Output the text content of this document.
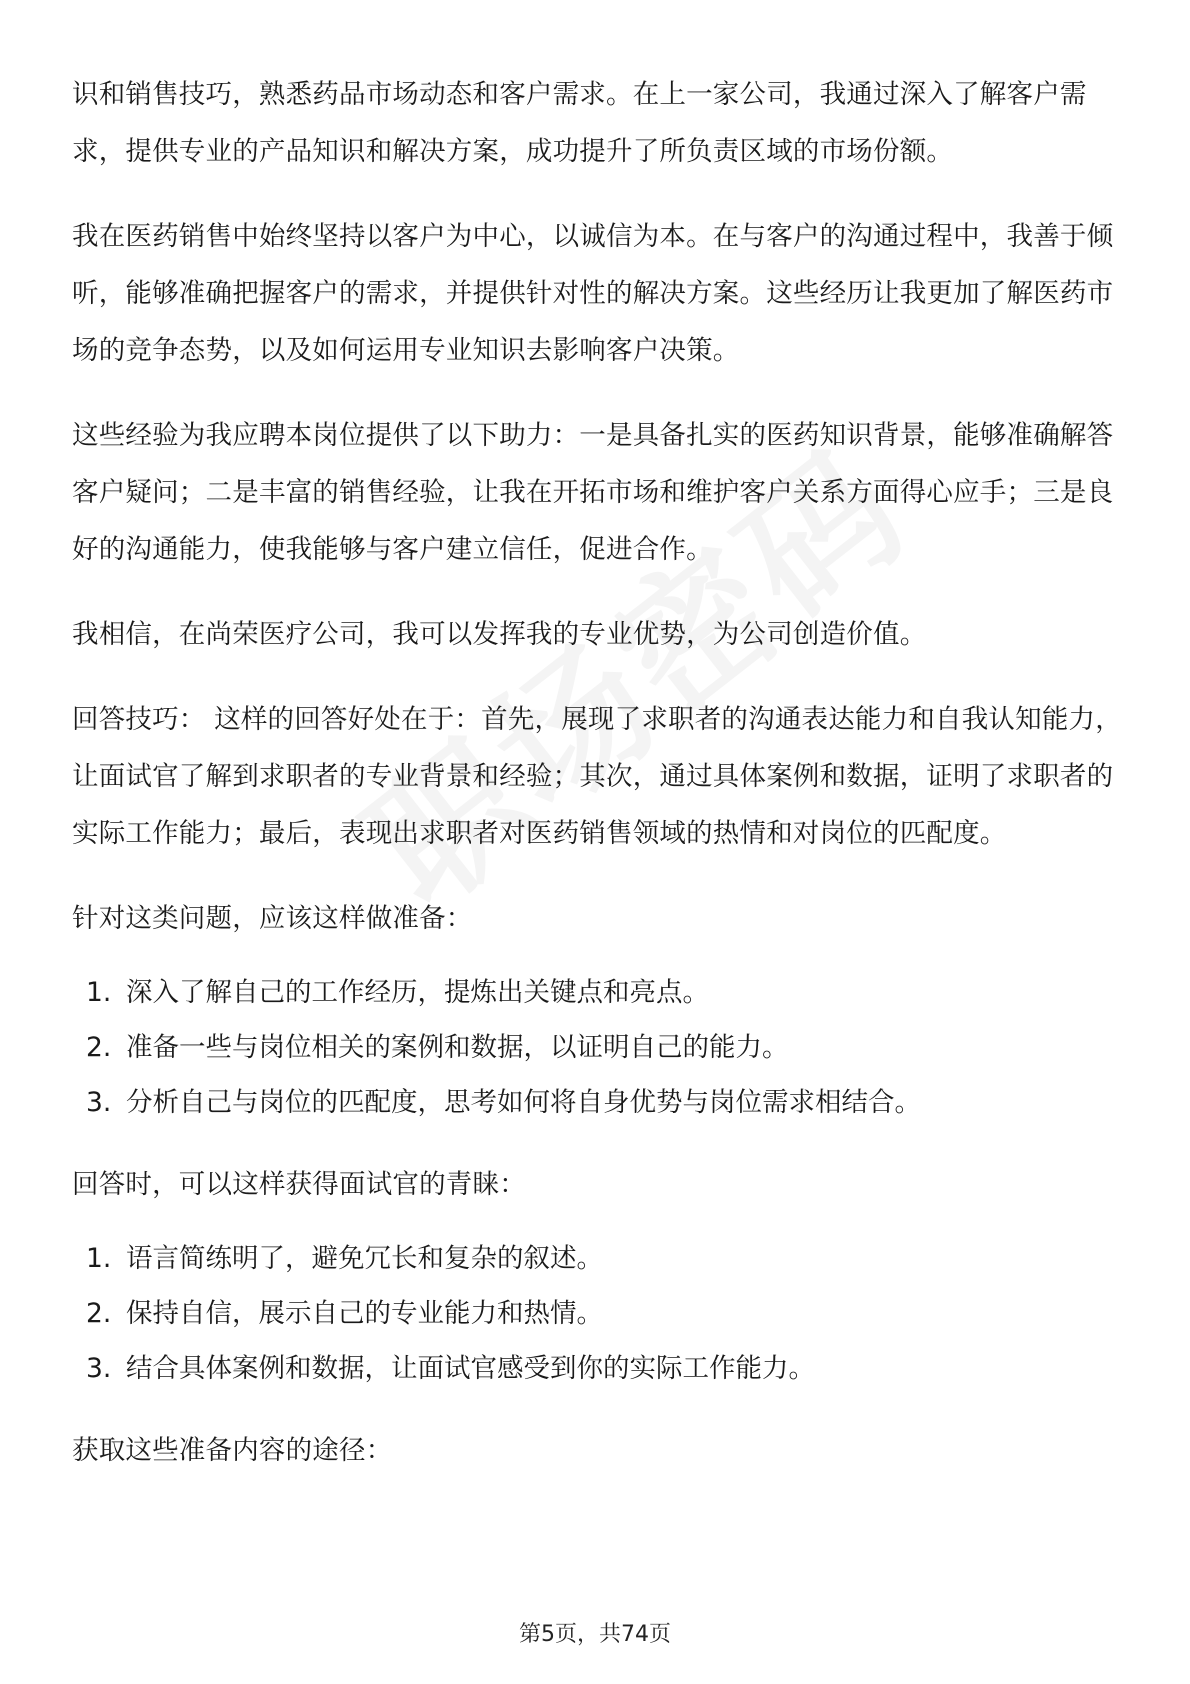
识和销售技巧，熟悉药品市场动态和客户需求。在上一家公司，我通过深入了解客户需求，提供专业的产品知识和解决方案，成功提升了所负责区域的市场份额。

我在医药销售中始终坚持以客户为中心，以诚信为本。在与客户的沟通过程中，我善于倾听，能够准确把握客户的需求，并提供针对性的解决方案。这些经历让我更加了解医药市场的竞争态势，以及如何运用专业知识去影响客户决策。

这些经验为我应聘本岗位提供了以下助力：一是具备扎实的医药知识背景，能够准确解答客户疑问；二是丰富的销售经验，让我在开拓市场和维护客户关系方面得心应手；三是良好的沟通能力，使我能够与客户建立信任，促进合作。

我相信，在尚荣医疗公司，我可以发挥我的专业优势，为公司创造价值。

回答技巧： 这样的回答好处在于：首先，展现了求职者的沟通表达能力和自我认知能力，让面试官了解到求职者的专业背景和经验；其次，通过具体案例和数据，证明了求职者的实际工作能力；最后，表现出求职者对医药销售领域的热情和对岗位的匹配度。

针对这类问题，应该这样做准备：

1. 深入了解自己的工作经历，提炼出关键点和亮点。
2. 准备一些与岗位相关的案例和数据，以证明自己的能力。
3. 分析自己与岗位的匹配度，思考如何将自身优势与岗位需求相结合。

回答时，可以这样获得面试官的青睐：

1. 语言简练明了，避免冗长和复杂的叙述。
2. 保持自信，展示自己的专业能力和热情。
3. 结合具体案例和数据，让面试官感受到你的实际工作能力。

获取这些准备内容的途径：

第5页，共74页
